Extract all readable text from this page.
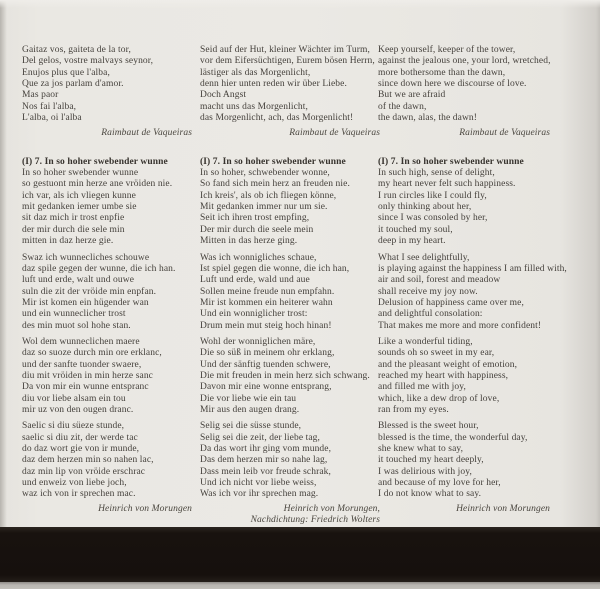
Gaitaz vos, gaiteta de la tor,
Del gelos, vostre malvays seynor,
Enujos plus que l'alba,
Que za jos parlam d'amor.
Mas paor
Nos fai l'alba,
L'alba, oi l'alba
Raimbaut de Vaqueiras
(I) 7. In so hoher swebender wunne
In so hoher swebender wunne
so gestuont min herze ane vröiden nie.
ich var, als ich vliegen kunne
mit gedanken iemer umbe sie
sit daz mich ir trost enpfie
der mir durch die sele min
mitten in daz herze gie.
Swaz ich wunnecliches schouwe
daz spile gegen der wunne, die ich han.
luft und erde, walt und ouwe
suln die zit der vröide min enpfan.
Mir ist komen ein hügender wan
und ein wunneclicher trost
des min muot sol hohe stan.
Wol dem wunneclichen maere
daz so suoze durch min ore erklanc,
und der sanfte tuonder swaere,
diu mit vröiden in min herze sanc
Da von mir ein wunne entspranc
diu vor liebe alsam ein tou
mir uz von den ougen dranc.
Saelic si diu süeze stunde,
saelic si diu zit, der werde tac
do daz wort gie von ir munde,
daz dem herzen min so nahen lac,
daz min lip von vröide erschrac
und enweiz von liebe joch,
waz ich von ir sprechen mac.
Heinrich von Morungen
Seid auf der Hut, kleiner Wächter im Turm,
vor dem Eifersüchtigen, Eurem bösen Herrn,
lästiger als das Morgenlicht,
denn hier unten reden wir über Liebe.
Doch Angst
macht uns das Morgenlicht,
das Morgenlicht, ach, das Morgenlicht!
Raimbaut de Vaqueiras
(I) 7. In so hoher swebender wunne
In so hoher, schwebender wonne,
So fand sich mein herz an freuden nie.
Ich kreis', als ob ich fliegen könne,
Mit gedanken immer nur um sie.
Seit ich ihren trost empfing,
Der mir durch die seele mein
Mitten in das herze ging.
Was ich wonnigliches schaue,
Ist spiel gegen die wonne, die ich han,
Luft und erde, wald und aue
Sollen meine freude nun empfahn.
Mir ist kommen ein heiterer wahn
Und ein wonniglicher trost:
Drum mein mut steig hoch hinan!
Wohl der wonniglichen märe,
Die so süß in meinem ohr erklang,
Und der sänftig tuenden schwere,
Die mit freuden in mein herz sich schwang.
Davon mir eine wonne entsprang,
Die vor liebe wie ein tau
Mir aus den augen drang.
Selig sei die süsse stunde,
Selig sei die zeit, der liebe tag,
Da das wort ihr ging vom munde,
Das dem herzen mir so nahe lag,
Dass mein leib vor freude schrak,
Und ich nicht vor liebe weiss,
Was ich vor ihr sprechen mag.
Heinrich von Morungen,
Nachdichtung: Friedrich Wolters
Keep yourself, keeper of the tower,
against the jealous one, your lord, wretched,
more bothersome than the dawn,
since down here we discourse of love.
But we are afraid
of the dawn,
the dawn, alas, the dawn!
Raimbaut de Vaqueiras
(I) 7. In so hoher swebender wunne
In such high, sense of delight,
my heart never felt such happiness.
I run circles like I could fly,
only thinking about her,
since I was consoled by her,
it touched my soul,
deep in my heart.
What I see delightfully,
is playing against the happiness I am filled with,
air and soil, forest and meadow
shall receive my joy now.
Delusion of happiness came over me,
and delightful consolation:
That makes me more and more confident!
Like a wonderful tiding,
sounds oh so sweet in my ear,
and the pleasant weight of emotion,
reached my heart with happiness,
and filled me with joy,
which, like a dew drop of love,
ran from my eyes.
Blessed is the sweet hour,
blessed is the time, the wonderful day,
she knew what to say,
it touched my heart deeply,
I was delirious with joy,
and because of my love for her,
I do not know what to say.
Heinrich von Morungen
